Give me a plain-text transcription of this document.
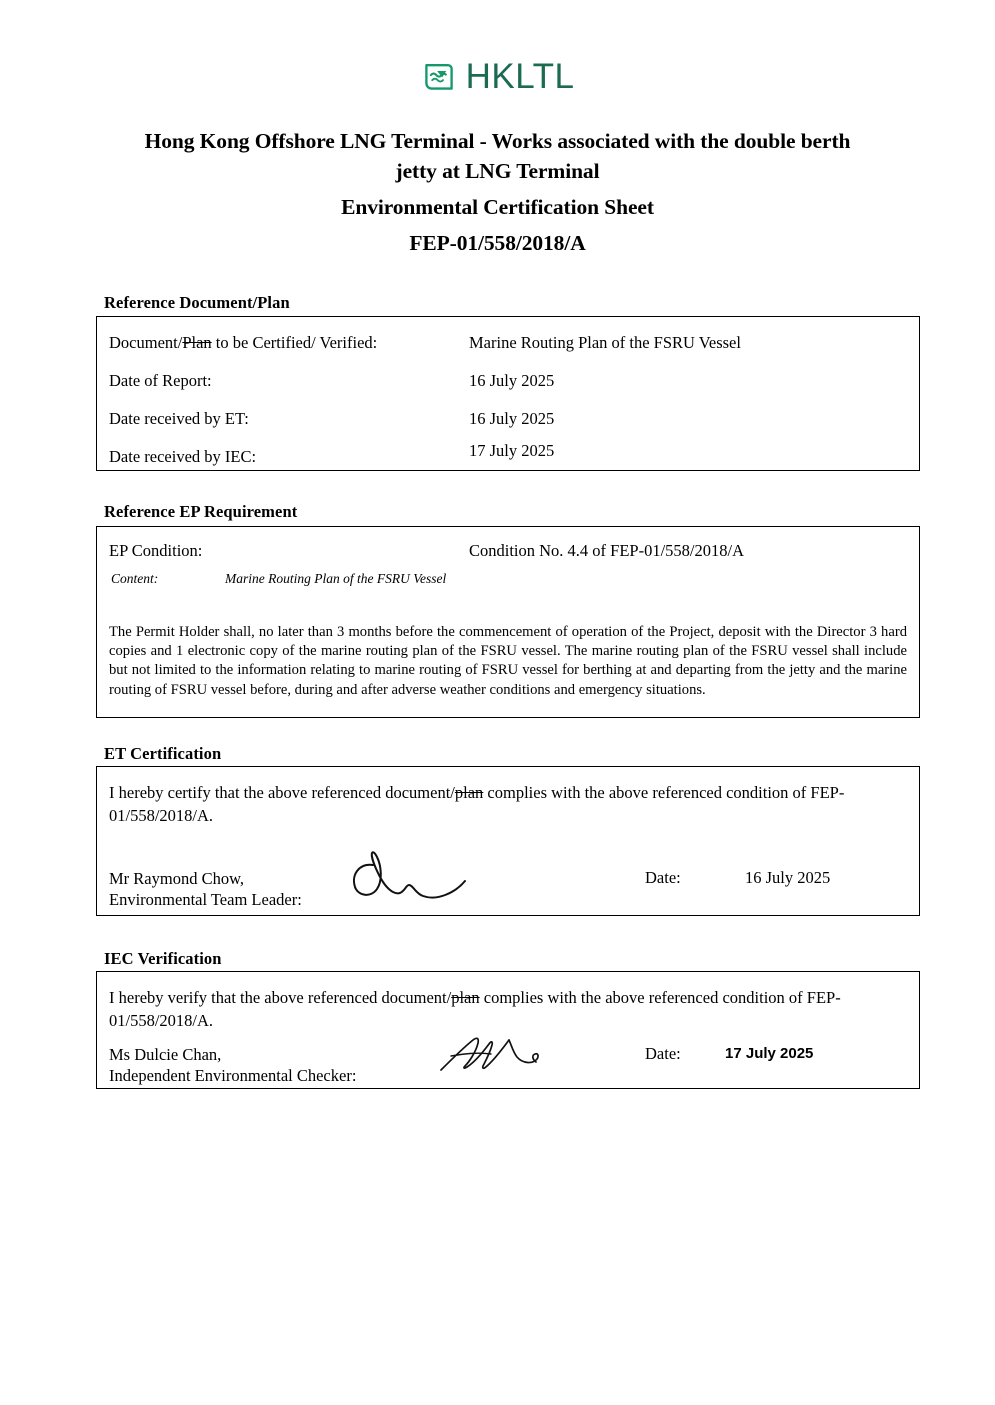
HKLTL
Hong Kong Offshore LNG Terminal - Works associated with the double berth
jetty at LNG Terminal
Environmental Certification Sheet
FEP-01/558/2018/A
Reference Document/Plan
Document/Plan to be Certified/ Verified:	Marine Routing Plan of the FSRU Vessel
Date of Report:	16 July 2025
Date received by ET:	16 July 2025
Date received by IEC:	17 July 2025
Reference EP Requirement
EP Condition:	Condition No. 4.4 of FEP-01/558/2018/A
Content:	Marine Routing Plan of the FSRU Vessel
The Permit Holder shall, no later than 3 months before the commencement of operation of the Project, deposit with the Director 3 hard copies and 1 electronic copy of the marine routing plan of the FSRU vessel. The marine routing plan of the FSRU vessel shall include but not limited to the information relating to marine routing of FSRU vessel for berthing at and departing from the jetty and the marine routing of FSRU vessel before, during and after adverse weather conditions and emergency situations.
ET Certification
I hereby certify that the above referenced document/plan complies with the above referenced condition of FEP-01/558/2018/A.
Mr Raymond Chow,
Environmental Team Leader:
Date:	16 July 2025
IEC Verification
I hereby verify that the above referenced document/plan complies with the above referenced condition of FEP-01/558/2018/A.
Ms Dulcie Chan,
Independent Environmental Checker:
Date:	17 July 2025
